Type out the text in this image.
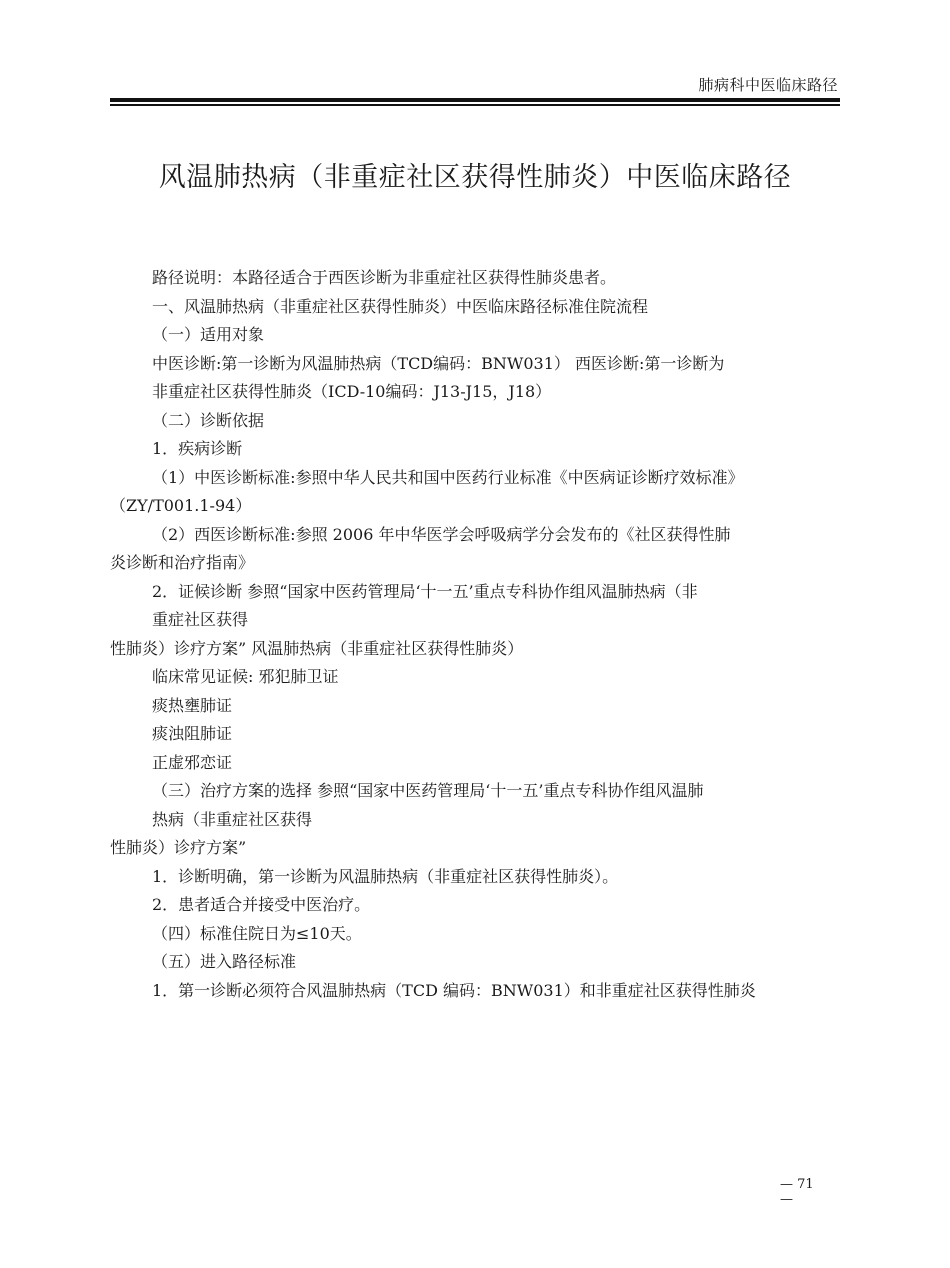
肺病科中医临床路径
风温肺热病（非重症社区获得性肺炎）中医临床路径
路径说明：本路径适合于西医诊断为非重症社区获得性肺炎患者。
一、风温肺热病（非重症社区获得性肺炎）中医临床路径标准住院流程
（一）适用对象
中医诊断:第一诊断为风温肺热病（TCD编码：BNW031） 西医诊断:第一诊断为
非重症社区获得性肺炎（ICD-10编码：J13-J15，J18）
（二）诊断依据
1．疾病诊断
（1）中医诊断标准:参照中华人民共和国中医药行业标准《中医病证诊断疗效标准》
（ZY/T001.1-94）
（2）西医诊断标准:参照 2006 年中华医学会呼吸病学分会发布的《社区获得性肺
炎诊断和治疗指南》
2．证候诊断 参照“国家中医药管理局‘十一五’重点专科协作组风温肺热病（非
重症社区获得
性肺炎）诊疗方案” 风温肺热病（非重症社区获得性肺炎）
临床常见证候: 邪犯肺卫证
痰热壅肺证
痰浊阻肺证
正虚邪恋证
（三）治疗方案的选择 参照“国家中医药管理局‘十一五’重点专科协作组风温肺
热病（非重症社区获得
性肺炎）诊疗方案”
1．诊断明确，第一诊断为风温肺热病（非重症社区获得性肺炎）。
2．患者适合并接受中医治疗。
（四）标准住院日为≤10天。
（五）进入路径标准
1．第一诊断必须符合风温肺热病（TCD 编码：BNW031）和非重症社区获得性肺炎
— 71
—
